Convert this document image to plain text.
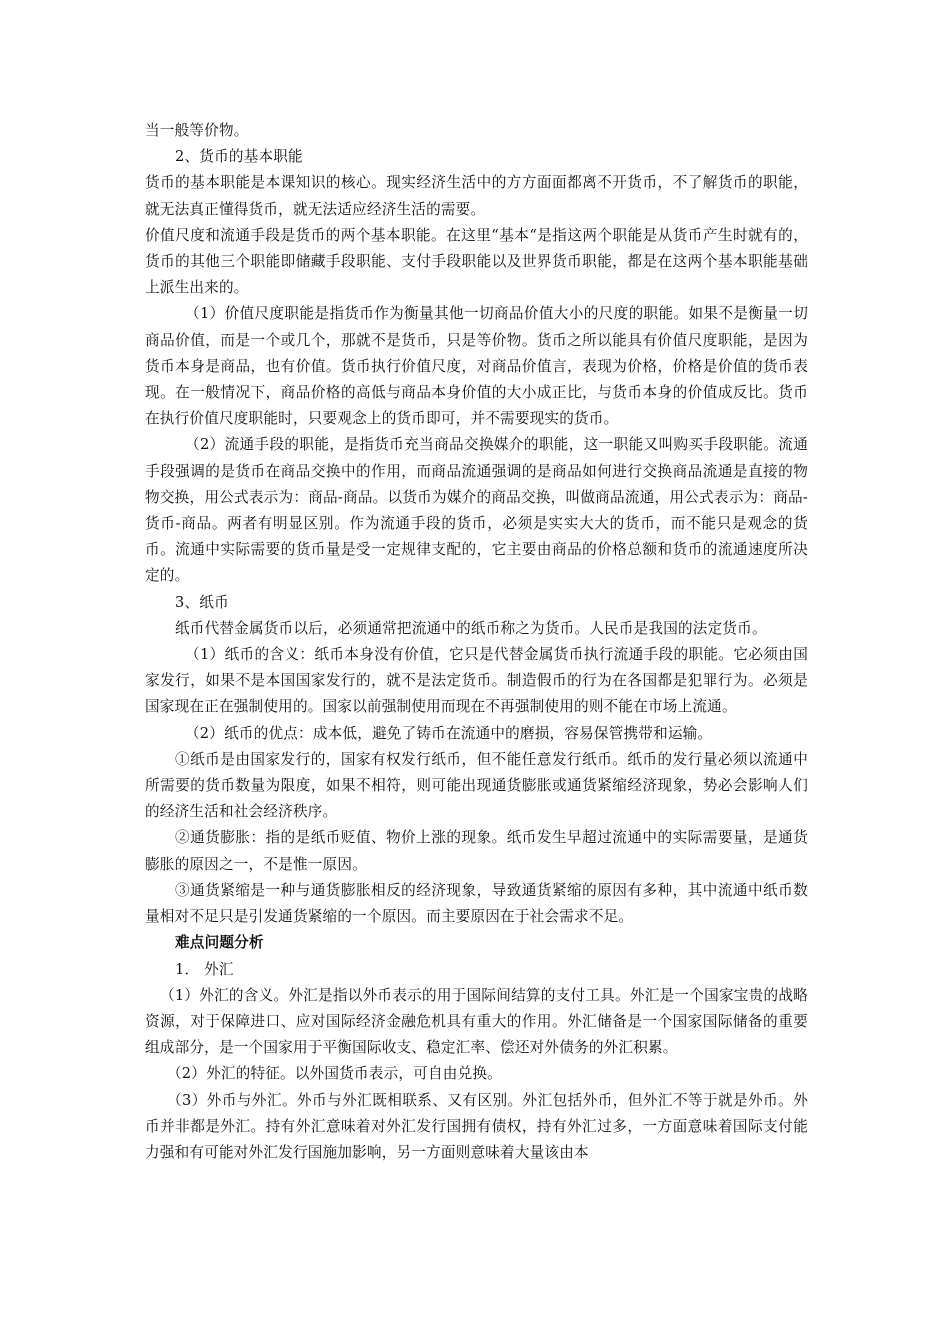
当一般等价物。

2、货币的基本职能

货币的基本职能是本课知识的核心。现实经济生活中的方方面面都离不开货币，不了解货币的职能，就无法真正懂得货币，就无法适应经济生活的需要。

价值尺度和流通手段是货币的两个基本职能。在这里“基本“是指这两个职能是从货币产生时就有的，货币的其他三个职能即储藏手段职能、支付手段职能以及世界货币职能，都是在这两个基本职能基础上派生出来的。

（1）价值尺度职能是指货币作为衡量其他一切商品价值大小的尺度的职能。如果不是衡量一切商品价值，而是一个或几个，那就不是货币，只是等价物。货币之所以能具有价值尺度职能，是因为货币本身是商品，也有价值。货币执行价值尺度，对商品价值言，表现为价格，价格是价值的货币表现。在一般情况下，商品价格的高低与商品本身价值的大小成正比，与货币本身的价值成反比。货币在执行价值尺度职能时，只要观念上的货币即可，并不需要现实的货币。

（2）流通手段的职能，是指货币充当商品交换媒介的职能，这一职能又叫购买手段职能。流通手段强调的是货币在商品交换中的作用，而商品流通强调的是商品如何进行交换商品流通是直接的物物交换，用公式表示为：商品-商品。以货币为媒介的商品交换，叫做商品流通，用公式表示为：商品-货币-商品。两者有明显区别。作为流通手段的货币，必须是实实大大的货币，而不能只是观念的货币。流通中实际需要的货币量是受一定规律支配的，它主要由商品的价格总额和货币的流通速度所决定的。

3、纸币

纸币代替金属货币以后，必须通常把流通中的纸币称之为货币。人民币是我国的法定货币。

（1）纸币的含义：纸币本身没有价值，它只是代替金属货币执行流通手段的职能。它必须由国家发行，如果不是本国国家发行的，就不是法定货币。制造假币的行为在各国都是犯罪行为。必须是国家现在正在强制使用的。国家以前强制使用而现在不再强制使用的则不能在市场上流通。

（2）纸币的优点：成本低，避免了铸币在流通中的磨损，容易保管携带和运输。

①纸币是由国家发行的，国家有权发行纸币，但不能任意发行纸币。纸币的发行量必须以流通中所需要的货币数量为限度，如果不相符，则可能出现通货膨胀或通货紧缩经济现象，势必会影响人们的经济生活和社会经济秩序。

②通货膨胀：指的是纸币贬值、物价上涨的现象。纸币发生早超过流通中的实际需要量，是通货膨胀的原因之一，不是惟一原因。

③通货紧缩是一种与通货膨胀相反的经济现象，导致通货紧缩的原因有多种，其中流通中纸币数量相对不足只是引发通货紧缩的一个原因。而主要原因在于社会需求不足。

难点问题分析

1． 外汇

（1）外汇的含义。外汇是指以外币表示的用于国际间结算的支付工具。外汇是一个国家宝贵的战略资源，对于保障进口、应对国际经济金融危机具有重大的作用。外汇储备是一个国家国际储备的重要组成部分，是一个国家用于平衡国际收支、稳定汇率、偿还对外债务的外汇积累。

（2）外汇的特征。以外国货币表示，可自由兑换。

（3）外币与外汇。外币与外汇既相联系、又有区别。外汇包括外币，但外汇不等于就是外币。外币并非都是外汇。持有外汇意味着对外汇发行国拥有债权，持有外汇过多，一方面意味着国际支付能力强和有可能对外汇发行国施加影响，另一方面则意味着大量该由本
